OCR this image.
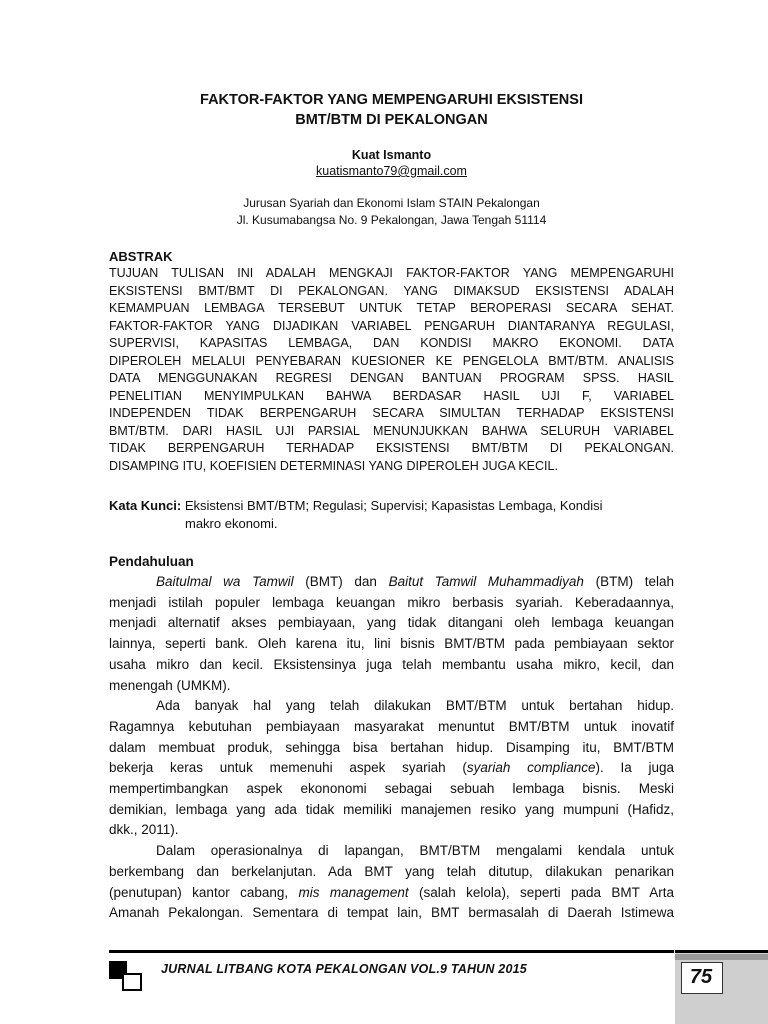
FAKTOR-FAKTOR YANG MEMPENGARUHI EKSISTENSI
BMT/BTM DI PEKALONGAN
Kuat Ismanto
kuatismanto79@gmail.com
Jurusan Syariah dan Ekonomi Islam STAIN Pekalongan
Jl. Kusumabangsa No. 9 Pekalongan, Jawa Tengah 51114
ABSTRAK
TUJUAN TULISAN INI ADALAH MENGKAJI FAKTOR-FAKTOR YANG MEMPENGARUHI
EKSISTENSI BMT/BMT DI PEKALONGAN. YANG DIMAKSUD EKSISTENSI ADALAH
KEMAMPUAN LEMBAGA TERSEBUT UNTUK TETAP BEROPERASI SECARA SEHAT.
FAKTOR-FAKTOR YANG DIJADIKAN VARIABEL PENGARUH DIANTARANYA REGULASI,
SUPERVISI, KAPASITAS LEMBAGA, DAN KONDISI MAKRO EKONOMI. DATA
DIPEROLEH MELALUI PENYEBARAN KUESIONER KE PENGELOLA BMT/BTM. ANALISIS
DATA MENGGUNAKAN REGRESI DENGAN BANTUAN PROGRAM SPSS. HASIL
PENELITIAN MENYIMPULKAN BAHWA BERDASAR HASIL UJI F, VARIABEL
INDEPENDEN TIDAK BERPENGARUH SECARA SIMULTAN TERHADAP EKSISTENSI
BMT/BTM. DARI HASIL UJI PARSIAL MENUNJUKKAN BAHWA SELURUH VARIABEL
TIDAK BERPENGARUH TERHADAP EKSISTENSI BMT/BTM DI PEKALONGAN.
DISAMPING ITU, KOEFISIEN DETERMINASI YANG DIPEROLEH JUGA KECIL.
Kata Kunci: Eksistensi BMT/BTM; Regulasi; Supervisi; Kapasistas Lembaga, Kondisi
makro ekonomi.
Pendahuluan

Baitulmal wa Tamwil (BMT) dan Baitut Tamwil Muhammadiyah (BTM) telah
menjadi istilah populer lembaga keuangan mikro berbasis syariah. Keberadaannya,
menjadi alternatif akses pembiayaan, yang tidak ditangani oleh lembaga keuangan
lainnya, seperti bank. Oleh karena itu, lini bisnis BMT/BTM pada pembiayaan sektor
usaha mikro dan kecil. Eksistensinya juga telah membantu usaha mikro, kecil, dan
menengah (UMKM).

Ada banyak hal yang telah dilakukan BMT/BTM untuk bertahan hidup.
Ragamnya kebutuhan pembiayaan masyarakat menuntut BMT/BTM untuk inovatif
dalam membuat produk, sehingga bisa bertahan hidup. Disamping itu, BMT/BTM
bekerja keras untuk memenuhi aspek syariah (syariah compliance). Ia juga
mempertimbangkan aspek ekononomi sebagai sebuah lembaga bisnis. Meski
demikian, lembaga yang ada tidak memiliki manajemen resiko yang mumpuni (Hafidz,
dkk., 2011).

Dalam operasionalnya di lapangan, BMT/BTM mengalami kendala untuk
berkembang dan berkelanjutan. Ada BMT yang telah ditutup, dilakukan penarikan
(penutupan) kantor cabang, mis management (salah kelola), seperti pada BMT Arta
Amanah Pekalongan. Sementara di tempat lain, BMT bermasalah di Daerah Istimewa

JURNAL LITBANG KOTA PEKALONGAN VOL.9 TAHUN 2015	75
